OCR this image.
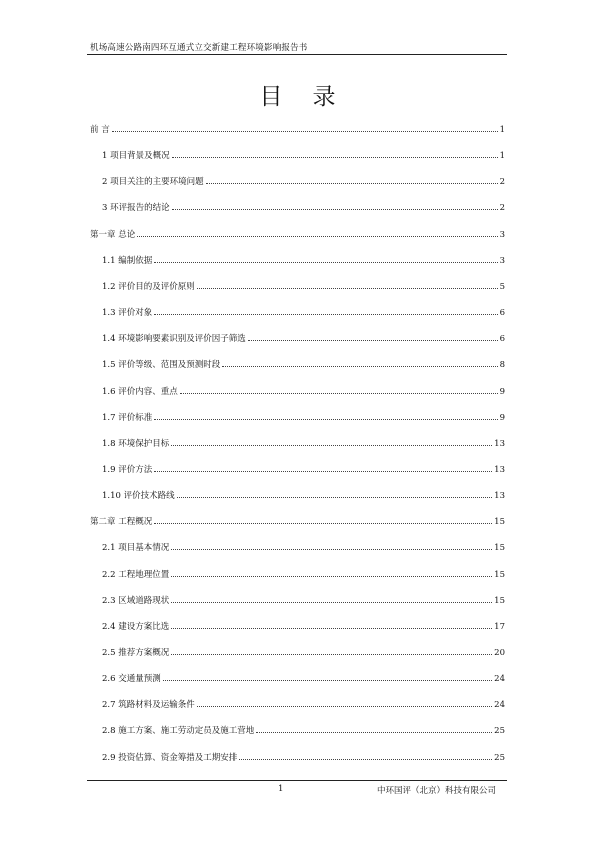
机场高速公路南四环互通式立交新建工程环境影响报告书
目录
前 言	1
1 项目背景及概况	1
2 项目关注的主要环境问题	2
3 环评报告的结论	2
第一章 总论	3
1.1 编制依据	3
1.2 评价目的及评价原则	5
1.3 评价对象	6
1.4 环境影响要素识别及评价因子筛选	6
1.5 评价等级、范围及预测时段	8
1.6 评价内容、重点	9
1.7 评价标准	9
1.8 环境保护目标	13
1.9 评价方法	13
1.10 评价技术路线	13
第二章 工程概况	15
2.1 项目基本情况	15
2.2 工程地理位置	15
2.3 区域道路现状	15
2.4 建设方案比选	17
2.5 推荐方案概况	20
2.6 交通量预测	24
2.7 筑路材料及运输条件	24
2.8 施工方案、施工劳动定员及施工营地	25
2.9 投资估算、资金筹措及工期安排	25
1	中环国评（北京）科技有限公司
